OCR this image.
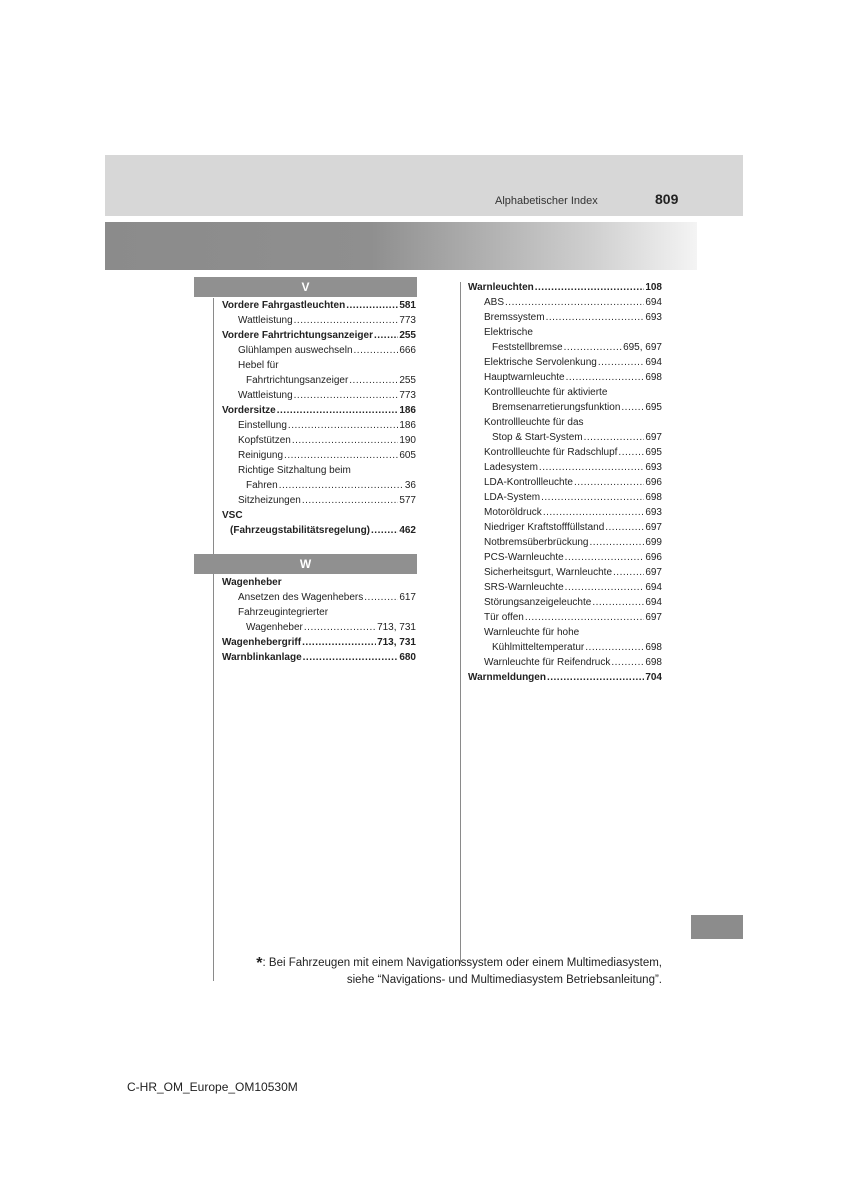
Alphabetischer Index	809
V
Vordere Fahrgastleuchten .....	581
Wattleistung .....	773
Vordere Fahrtrichtungsanzeiger .....	255
Glühlampen auswechseln .....	666
Hebel für
Fahrtrichtungsanzeiger .....	255
Wattleistung .....	773
Vordersitze .....	186
Einstellung .....	186
Kopfstützen .....	190
Reinigung .....	605
Richtige Sitzhaltung beim
Fahren .....	36
Sitzheizungen .....	577
VSC
(Fahrzeugstabilitätsregelung) .....	462
W
Wagenheber
Ansetzen des Wagenhebers .....	617
Fahrzeugintegrierter
Wagenheber .....	713, 731
Wagenhebergriff .....	713, 731
Warnblinkanlage .....	680
Warnleuchten .....	108
ABS .....	694
Bremssystem .....	693
Elektrische
Feststellbremse .....	695, 697
Elektrische Servolenkung .....	694
Hauptwarnleuchte .....	698
Kontrollleuchte für aktivierte
Bremsenarretierungsfunktion ..... 695
Kontrollleuchte für das
Stop & Start-System .....	697
Kontrollleuchte für Radschlupf .....	695
Ladesystem .....	693
LDA-Kontrollleuchte .....	696
LDA-System .....	698
Motoröldruck .....	693
Niedriger Kraftstofffüllstand .....	697
Notbremsüberbrückung .....	699
PCS-Warnleuchte .....	696
Sicherheitsgurt, Warnleuchte .....	697
SRS-Warnleuchte .....	694
Störungsanzeigeleuchte .....	694
Tür offen .....	697
Warnleuchte für hohe
Kühlmitteltemperatur .....	698
Warnleuchte für Reifendruck .....	698
Warnmeldungen .....	704
*: Bei Fahrzeugen mit einem Navigationssystem oder einem Multimediasystem,
siehe “Navigations- und Multimediasystem Betriebsanleitung”.
C-HR_OM_Europe_OM10530M
